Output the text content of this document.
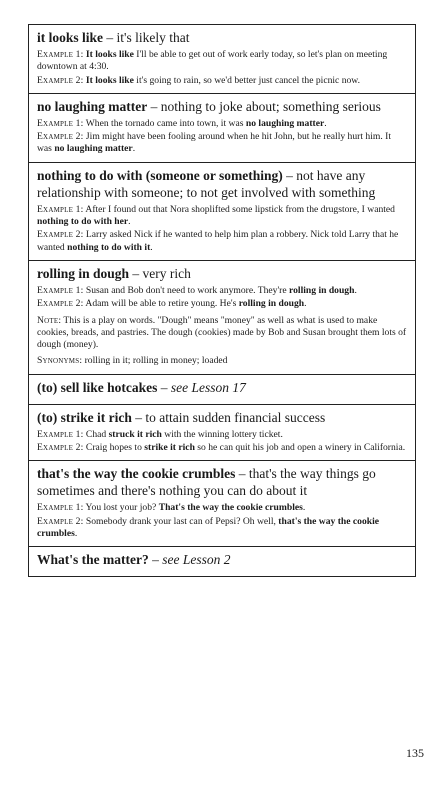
it looks like – it's likely that
Example 1: It looks like I'll be able to get out of work early today, so let's plan on meeting downtown at 4:30.
Example 2: It looks like it's going to rain, so we'd better just cancel the picnic now.
no laughing matter – nothing to joke about; something serious
Example 1: When the tornado came into town, it was no laughing matter.
Example 2: Jim might have been fooling around when he hit John, but he really hurt him. It was no laughing matter.
nothing to do with (someone or something) – not have any relationship with someone; to not get involved with something
Example 1: After I found out that Nora shoplifted some lipstick from the drugstore, I wanted nothing to do with her.
Example 2: Larry asked Nick if he wanted to help him plan a robbery. Nick told Larry that he wanted nothing to do with it.
rolling in dough – very rich
Example 1: Susan and Bob don't need to work anymore. They're rolling in dough.
Example 2: Adam will be able to retire young. He's rolling in dough.
Note: This is a play on words. "Dough" means "money" as well as what is used to make cookies, breads, and pastries. The dough (cookies) made by Bob and Susan brought them lots of dough (money).
Synonyms: rolling in it; rolling in money; loaded
(to) sell like hotcakes – see Lesson 17
(to) strike it rich – to attain sudden financial success
Example 1: Chad struck it rich with the winning lottery ticket.
Example 2: Craig hopes to strike it rich so he can quit his job and open a winery in California.
that's the way the cookie crumbles – that's the way things go sometimes and there's nothing you can do about it
Example 1: You lost your job? That's the way the cookie crumbles.
Example 2: Somebody drank your last can of Pepsi? Oh well, that's the way the cookie crumbles.
What's the matter? – see Lesson 2
135
